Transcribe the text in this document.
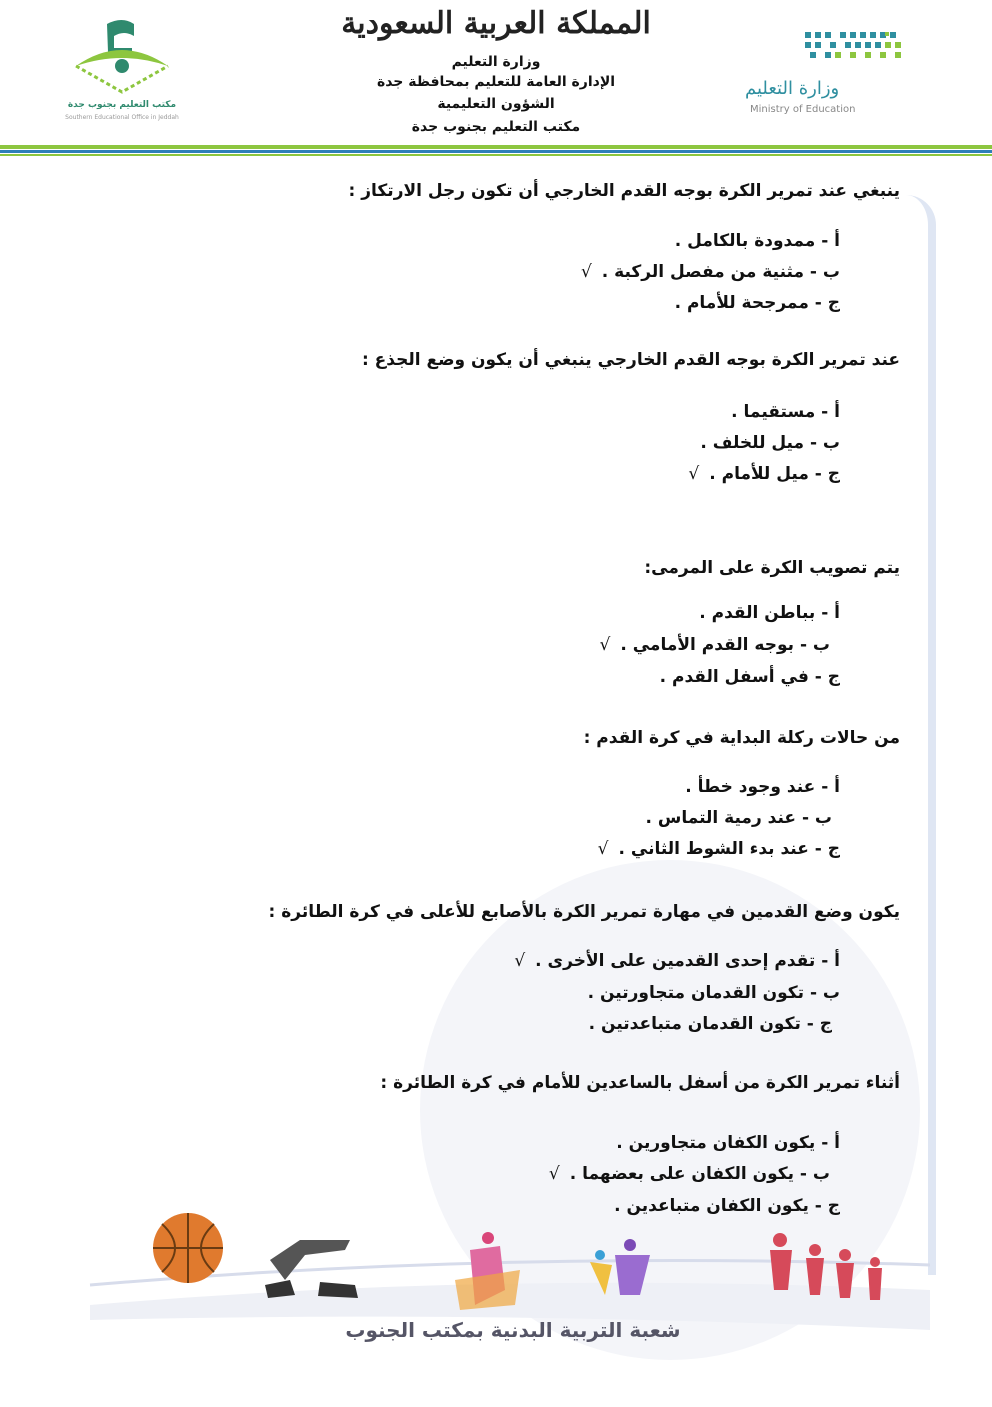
المملكة العربية السعودية
وزارة التعليم
الإدارة العامة للتعليم بمحافظة جدة
الشؤون التعليمية
مكتب التعليم بجنوب جدة
مكتب التعليم بجنوب جدة
Southern Educational Office in Jeddah
وزارة التعليم
Ministry of Education
ينبغي عند تمرير الكرة بوجه القدم الخارجي أن تكون رجل الارتكاز :
أ - ممدودة بالكامل .
ب - مثنية من مفصل الركبة .√
ج - ممرجحة للأمام .
عند تمرير الكرة بوجه القدم الخارجي ينبغي أن يكون وضع الجذع :
أ - مستقيما .
ب - ميل للخلف .
ج - ميل للأمام .√
يتم تصويب الكرة على المرمى:
أ - بباطن القدم .
ب - بوجه القدم الأمامي .√
ج - في أسفل القدم .
من حالات ركلة البداية في كرة القدم :
أ - عند وجود خطأ .
ب - عند رمية التماس .
ج - عند بدء الشوط الثاني .√
يكون وضع القدمين في مهارة تمرير الكرة بالأصابع للأعلى في كرة الطائرة :
أ - تقدم إحدى القدمين على الأخرى .√
ب - تكون القدمان متجاورتين .
ج - تكون القدمان متباعدتين .
أثناء تمرير الكرة من أسفل بالساعدين للأمام في كرة الطائرة :
أ - يكون الكفان متجاورين .
ب - يكون الكفان على بعضهما .√
ج - يكون الكفان متباعدين .
شعبة التربية البدنية بمكتب الجنوب
